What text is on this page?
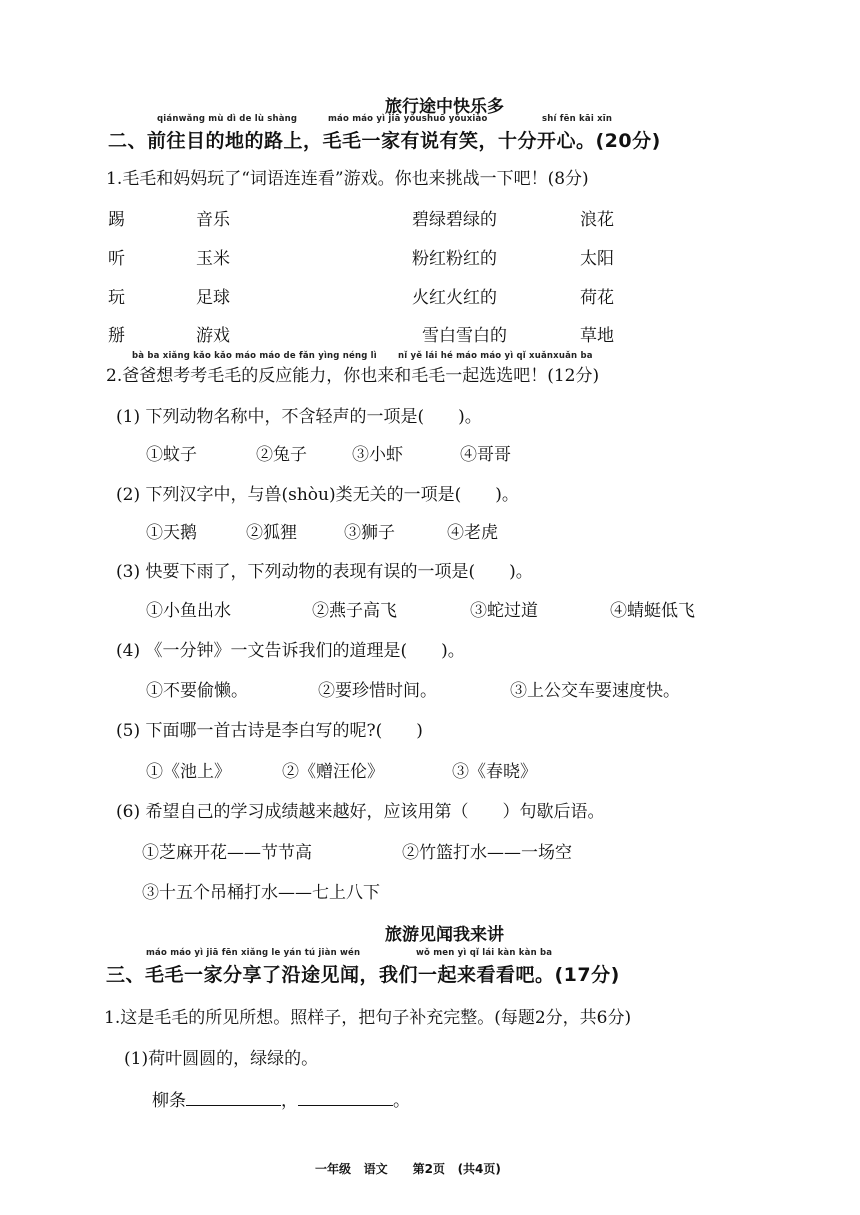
旅行途中快乐多
qiánwǎng mù dì de lù shàng	máo máo yì jiā yǒushuō yǒuxiào	shí fēn kāi xīn
二、前往目的地的路上，毛毛一家有说有笑，十分开心。(20分)
1.毛毛和妈妈玩了“词语连连看”游戏。你也来挑战一下吧！(8分)
踢	音乐	碧绿碧绿的	浪花
听	玉米	粉红粉红的	太阳
玩	足球	火红火红的	荷花
掰	游戏	雪白雪白的	草地
bà ba xiǎng kǎo kǎo máo máo de fǎn yìng néng lì nǐ yě lái hé máo máo yì qǐ xuǎnxuǎn ba
2.爸爸想考考毛毛的反应能力，你也来和毛毛一起选选吧！(12分)
(1) 下列动物名称中，不含轻声的一项是(　　)。
①蚊子	②兔子	③小虾	④哥哥
(2) 下列汉字中，与兽(shòu)类无关的一项是(　　)。
①天鹅	②狐狸	③狮子	④老虎
(3) 快要下雨了，下列动物的表现有误的一项是(　　)。
①小鱼出水	②燕子高飞	③蛇过道	④蜻蜓低飞
(4) 《一分钟》一文告诉我们的道理是(　　)。
①不要偷懒。	②要珍惜时间。	③上公交车要速度快。
(5) 下面哪一首古诗是李白写的呢?(　　)
①《池上》	②《赠汪伦》	③《春晓》
(6) 希望自己的学习成绩越来越好，应该用第（　　）句歇后语。
①芝麻开花——节节高	②竹篮打水——一场空
③十五个吊桶打水——七上八下
旅游见闻我来讲
máo máo yì jiā fēn xiǎng le yán tú jiàn wén	wǒ men yì qǐ lái kàn kàn ba
三、毛毛一家分享了沿途见闻，我们一起来看看吧。(17分)
1.这是毛毛的所见所想。照样子，把句子补充完整。(每题2分，共6分)
(1)荷叶圆圆的，绿绿的。
柳条	，	。
一年级 语文 第2页 (共4页)
